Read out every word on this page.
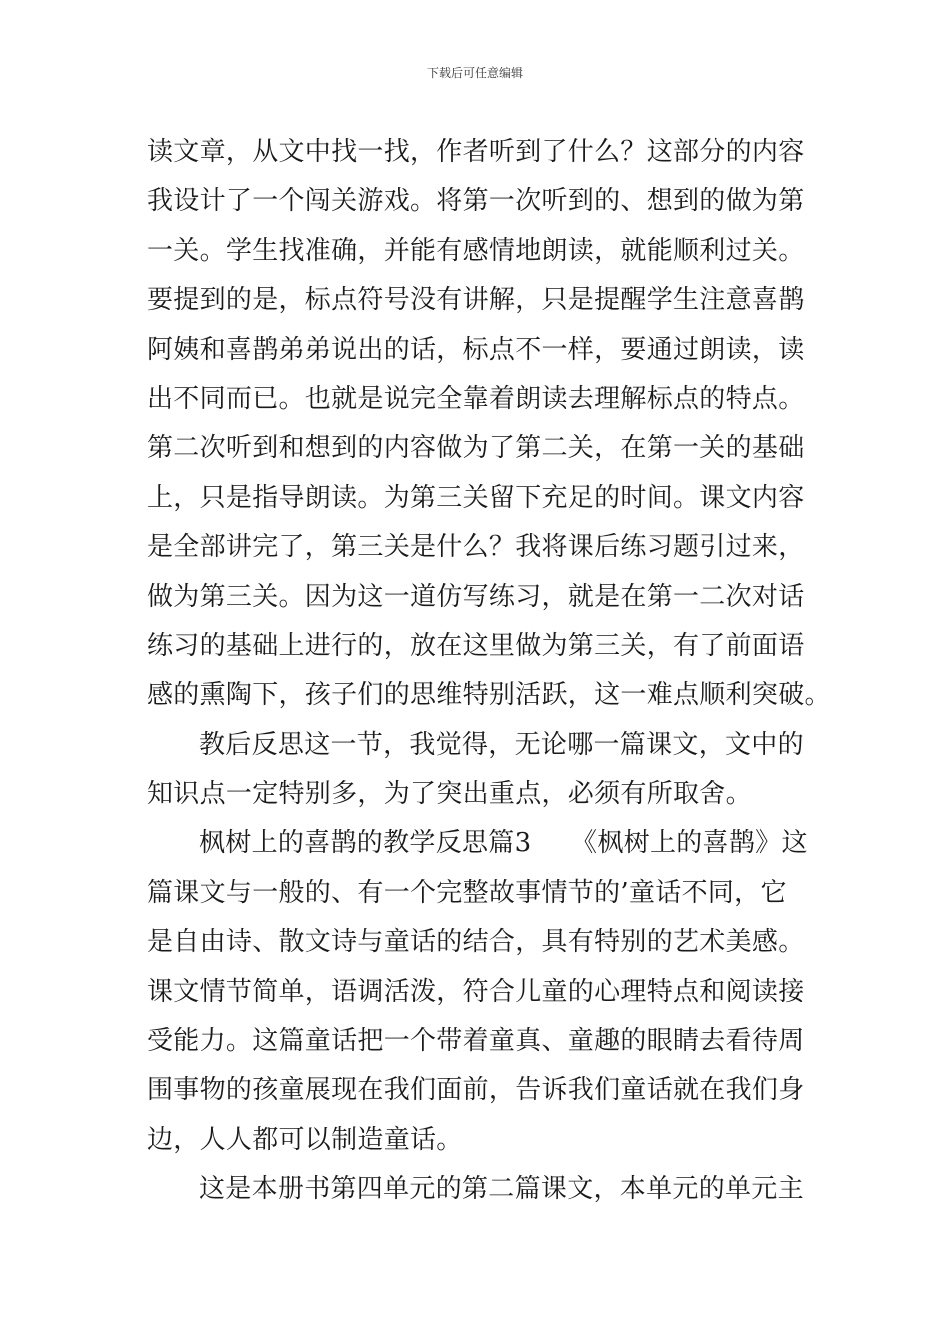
下载后可任意编辑
读文章，从文中找一找，作者听到了什么？这部分的内容
我设计了一个闯关游戏。将第一次听到的、想到的做为第
一关。学生找准确，并能有感情地朗读，就能顺利过关。
要提到的是，标点符号没有讲解，只是提醒学生注意喜鹊
阿姨和喜鹊弟弟说出的话，标点不一样，要通过朗读，读
出不同而已。也就是说完全靠着朗读去理解标点的特点。
第二次听到和想到的内容做为了第二关，在第一关的基础
上，只是指导朗读。为第三关留下充足的时间。课文内容
是全部讲完了，第三关是什么？我将课后练习题引过来，
做为第三关。因为这一道仿写练习，就是在第一二次对话
练习的基础上进行的，放在这里做为第三关，有了前面语
感的熏陶下，孩子们的思维特别活跃，这一难点顺利突破。
教后反思这一节，我觉得，无论哪一篇课文，文中的
知识点一定特别多，为了突出重点，必须有所取舍。
枫树上的喜鹊的教学反思篇3　　《枫树上的喜鹊》这
篇课文与一般的、有一个完整故事情节的’童话不同，它
是自由诗、散文诗与童话的结合，具有特别的艺术美感。
课文情节简单，语调活泼，符合儿童的心理特点和阅读接
受能力。这篇童话把一个带着童真、童趣的眼睛去看待周
围事物的孩童展现在我们面前，告诉我们童话就在我们身
边，人人都可以制造童话。
这是本册书第四单元的第二篇课文，本单元的单元主
